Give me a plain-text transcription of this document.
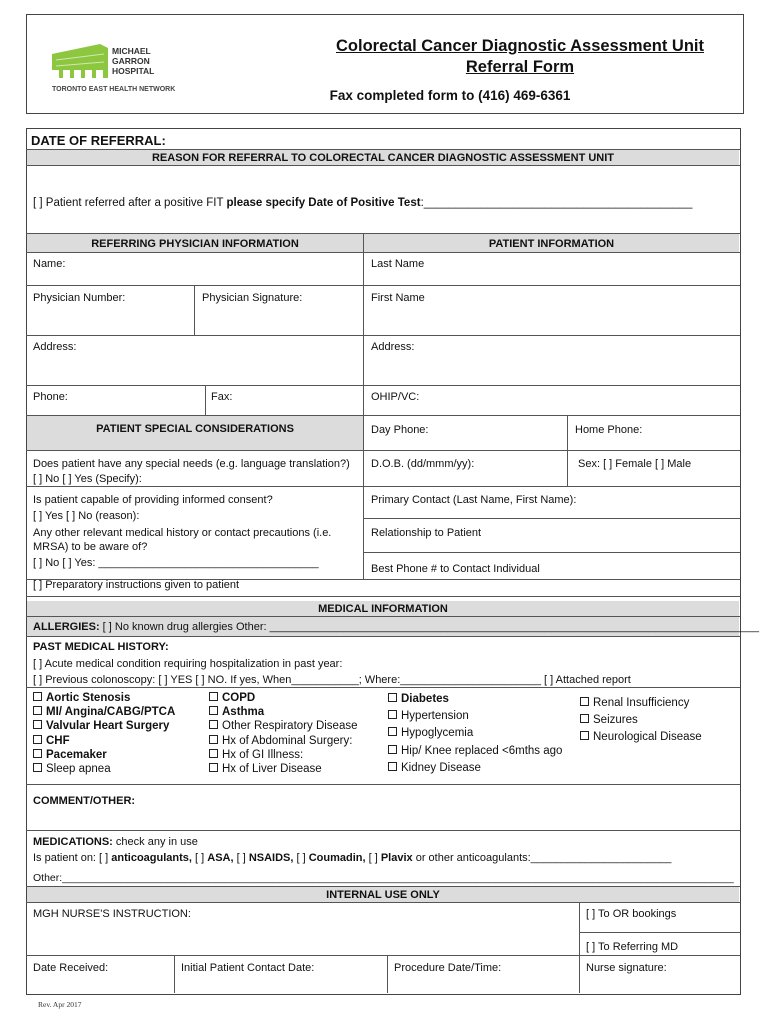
MICHAEL
GARRON
HOSPITAL
TORONTO EAST HEALTH NETWORK
Colorectal Cancer Diagnostic Assessment Unit
Referral Form
Fax completed form to (416) 469-6361
DATE OF REFERRAL:
REASON FOR REFERRAL TO COLORECTAL CANCER DIAGNOSTIC ASSESSMENT UNIT
[ ] Patient referred after a positive FIT please specify Date of Positive Test:__________________________________________
REFERRING PHYSICIAN INFORMATION	PATIENT INFORMATION
Name:	Last Name
Physician Number:	Physician Signature:	First Name
Address:	Address:
Phone:	Fax:	OHIP/VC:
PATIENT SPECIAL CONSIDERATIONS	Day Phone:	Home Phone:
Does patient have any special needs (e.g. language translation?)
[ ] No [ ] Yes (Specify):
D.O.B. (dd/mmm/yy):	Sex: [ ] Female [ ] Male
Is patient capable of providing informed consent?
[ ] Yes [ ] No (reason):
Primary Contact (Last Name, First Name):
Any other relevant medical history or contact precautions (i.e.
MRSA) to be aware of?
[ ] No [ ] Yes: ____________________________________
Relationship to Patient
Best Phone # to Contact Individual
[ ] Preparatory instructions given to patient
MEDICAL INFORMATION
ALLERGIES: [ ] No known drug allergies Other: ________________________________________________________________________________
PAST MEDICAL HISTORY:
[ ] Acute medical condition requiring hospitalization in past year:
[ ] Previous colonoscopy: [ ] YES [ ] NO. If yes, When___________; Where:_______________________ [ ] Attached report
Aortic Stenosis
MI/ Angina/CABG/PTCA
Valvular Heart Surgery
CHF
Pacemaker
Sleep apnea
COPD
Asthma
Other Respiratory Disease
Hx of Abdominal Surgery:
Hx of GI Illness:
Hx of Liver Disease
Diabetes
Hypertension
Hypoglycemia
Hip/ Knee replaced <6mths ago
Kidney Disease
Renal Insufficiency
Seizures
Neurological Disease
COMMENT/OTHER:
MEDICATIONS: check any in use
Is patient on: [ ] anticoagulants, [ ] ASA, [ ] NSAIDS, [ ] Coumadin, [ ] Plavix or other anticoagulants:_______________________
Other:___________________________________________________________________________________________________________________
INTERNAL USE ONLY
MGH NURSE'S INSTRUCTION:	[ ] To OR bookings
[ ] To Referring MD
Date Received:	Initial Patient Contact Date:	Procedure Date/Time:	Nurse signature:
Rev. Apr 2017
